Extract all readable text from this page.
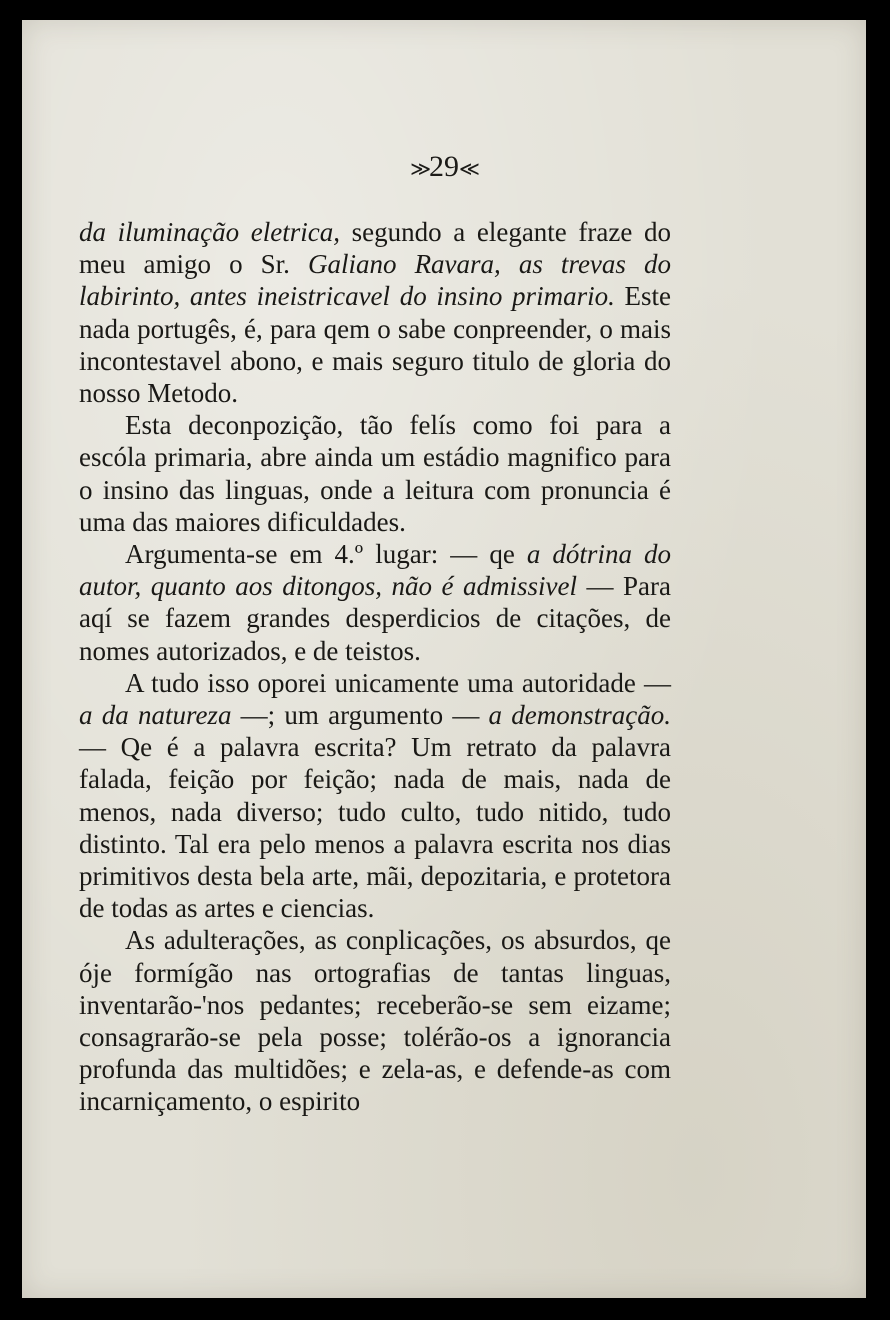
≫29≪

da iluminação eletrica, segundo a elegante fraze do meu amigo o Sr. Galiano Ravara, as trevas do labirinto, antes ineistricavel do insino primario. Este nada portugês, é, para qem o sabe conpreender, o mais incontestavel abono, e mais seguro titulo de gloria do nosso Metodo.

Esta deconpozição, tão felís como foi para a escóla primaria, abre ainda um estádio magnifico para o insino das linguas, onde a leitura com pronuncia é uma das maiores dificuldades.

Argumenta-se em 4.º lugar: — qe a dótrina do autor, quanto aos ditongos, não é admissivel — Para aqí se fazem grandes desperdicios de citações, de nomes autorizados, e de teistos.

A tudo isso oporei unicamente uma autoridade — a da natureza —; um argumento — a demonstração. — Qe é a palavra escrita? Um retrato da palavra falada, feição por feição; nada de mais, nada de menos, nada diverso; tudo culto, tudo nitido, tudo distinto. Tal era pelo menos a palavra escrita nos dias primitivos desta bela arte, mãi, depozitaria, e protetora de todas as artes e ciencias.

As adulterações, as conplicações, os absurdos, qe óje formígão nas ortografias de tantas linguas, inventarão-'nos pedantes; receberão-se sem eizame; consagrarão-se pela posse; tolérão-os a ignorancia profunda das multidões; e zela-as, e defende-as com incarniçamento, o espirito
